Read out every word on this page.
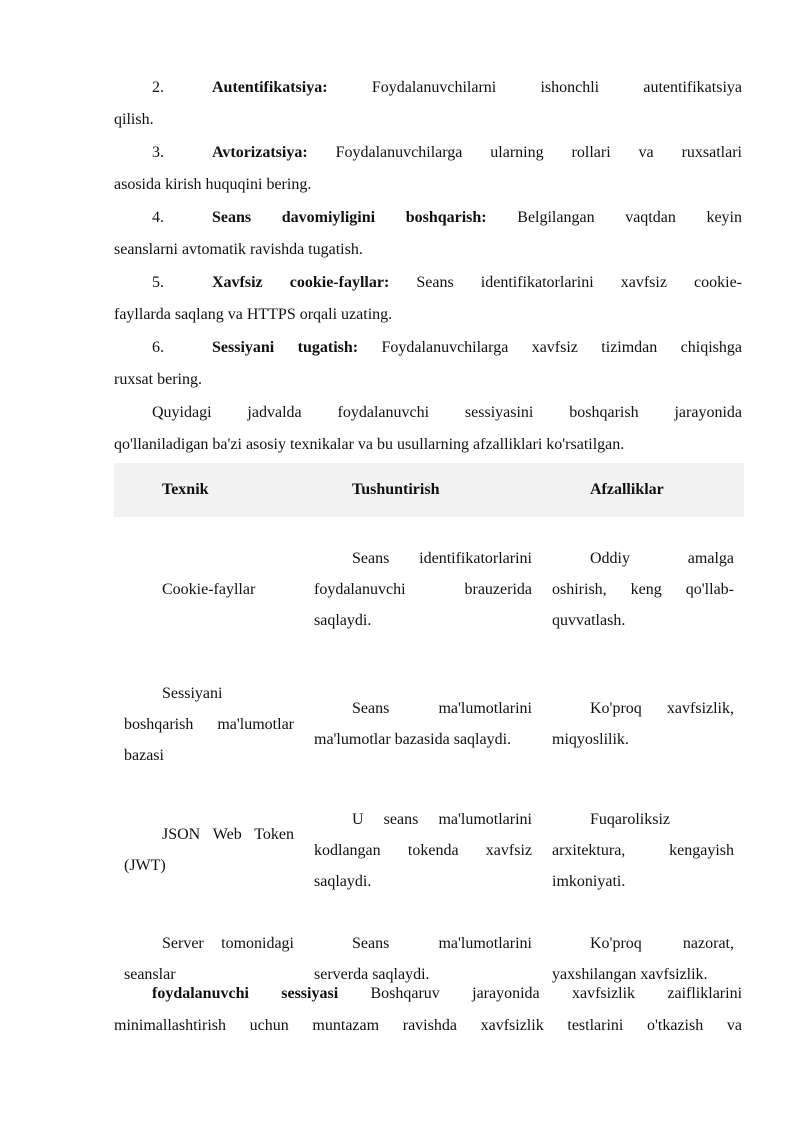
2.	Autentifikatsiya:	Foydalanuvchilarni ishonchli autentifikatsiya
qilish.
3.	Avtorizatsiya: Foydalanuvchilarga ularning rollari va ruxsatlari
asosida kirish huquqini bering.
4.	Seans davomiyligini boshqarish: Belgilangan vaqtdan keyin
seanslarni avtomatik ravishda tugatish.
5.	Xavfsiz cookie-fayllar: Seans identifikatorlarini xavfsiz cookie-
fayllarda saqlang va HTTPS orqali uzating.
6.	Sessiyani tugatish: Foydalanuvchilarga xavfsiz tizimdan chiqishga
ruxsat bering.
Quyidagi jadvalda foydalanuvchi sessiyasini boshqarish jarayonida
qo'llaniladigan ba'zi asosiy texnikalar va bu usullarning afzalliklari ko'rsatilgan.
Texnik	Tushuntirish	Afzalliklar

Cookie-fayllar	Seans identifikatorlarini foydalanuvchi brauzerida saqlaydi.	Oddiy amalga oshirish, keng qo'llab-quvvatlash.

Sessiyani boshqarish ma'lumotlar bazasi	Seans ma'lumotlarini ma'lumotlar bazasida saqlaydi.	Ko'proq xavfsizlik, miqyoslilik.

JSON Web Token (JWT)	U seans ma'lumotlarini kodlangan tokenda xavfsiz saqlaydi.	Fuqaroliksiz arxitektura, kengayish imkoniyati.

Server tomonidagi seanslar	Seans ma'lumotlarini serverda saqlaydi.	Ko'proq nazorat, yaxshilangan xavfsizlik.
foydalanuvchi sessiyasi Boshqaruv jarayonida xavfsizlik zaifliklarini
minimallashtirish uchun muntazam ravishda xavfsizlik testlarini o'tkazish va
